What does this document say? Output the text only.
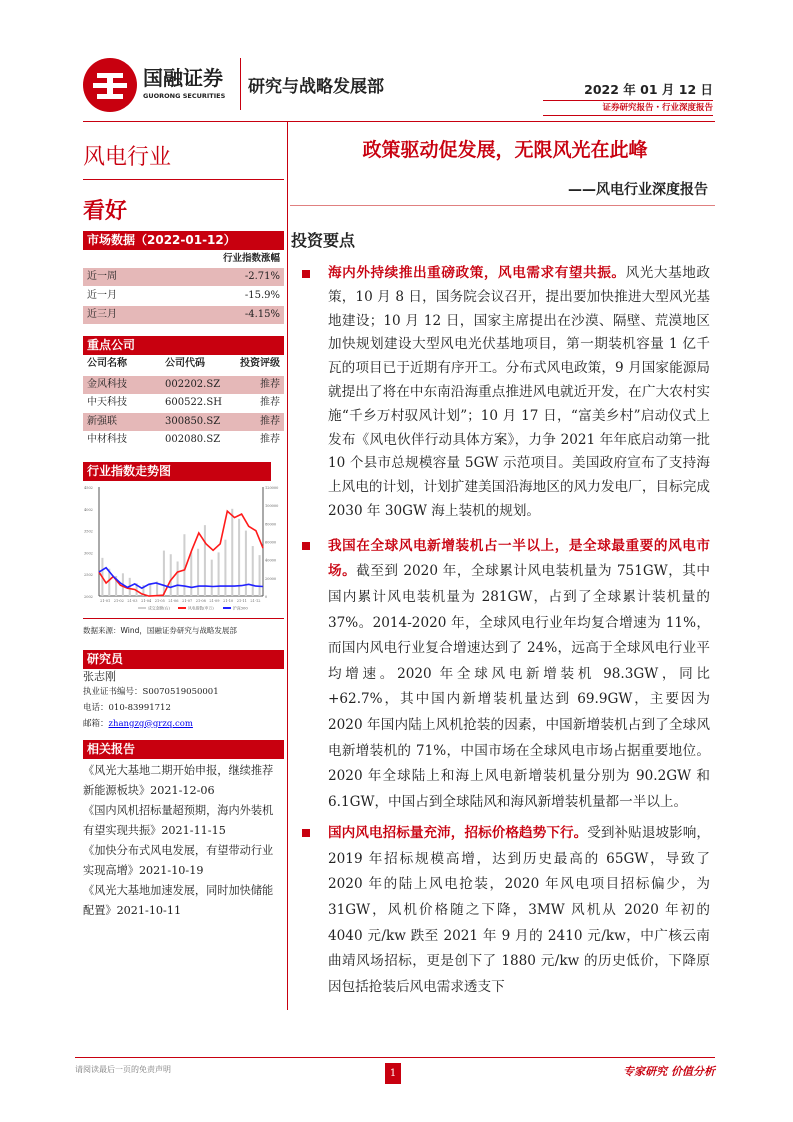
国融证券
GUORONG SECURITIES 研究与战略发展部	2022 年 01 月 12 日
证券研究报告・行业深度报告
风电行业
看好
市场数据（2022-01-12）
行业指数涨幅
近一周	-2.71%
近一月	-15.9%
近三月	-4.15%
重点公司
公司名称	公司代码	投资评级
金风科技	002202.SZ	推荐
中天科技	600522.SH	推荐
新强联	300850.SZ	推荐
中材科技	002080.SZ	推荐
行业指数走势图
2002
2502
3002
3502
4002
4502
0
20000
40000
60000
80000
100000
120000
21-01 21-02 21-03 21-04 21-05 21-06 21-07 21-08 21-09 21-10 21-11 21-12
成交金额(右)	风电指数(申万)	沪深300
数据来源：Wind，国融证券研究与战略发展部
研究员
张志刚
执业证书编号：S0070519050001
电话：010-83991712
邮箱：zhangzg@grzq.com
相关报告
《风光大基地二期开始申报，继续推荐新能源板块》2021-12-06
《国内风机招标量超预期，海内外装机有望实现共振》2021-11-15
《加快分布式风电发展，有望带动行业实现高增》2021-10-19
《风光大基地加速发展，同时加快储能配置》2021-10-11
政策驱动促发展，无限风光在此峰
——风电行业深度报告
投资要点
海内外持续推出重磅政策，风电需求有望共振。风光大基地政策，10 月 8 日，国务院会议召开，提出要加快推进大型风光基地建设；10 月 12 日，国家主席提出在沙漠、隔壁、荒漠地区加快规划建设大型风电光伏基地项目，第一期装机容量 1 亿千瓦的项目已于近期有序开工。分布式风电政策，9 月国家能源局就提出了将在中东南沿海重点推进风电就近开发，在广大农村实施“千乡万村驭风计划”；10 月 17 日，“富美乡村”启动仪式上发布《风电伙伴行动具体方案》，力争 2021 年年底启动第一批 10 个县市总规模容量 5GW 示范项目。美国政府宣布了支持海上风电的计划，计划扩建美国沿海地区的风力发电厂，目标完成 2030 年 30GW 海上装机的规划。
我国在全球风电新增装机占一半以上，是全球最重要的风电市场。截至到 2020 年，全球累计风电装机量为 751GW，其中国内累计风电装机量为 281GW，占到了全球累计装机量的 37%。2014-2020 年，全球风电行业年均复合增速为 11%，而国内风电行业复合增速达到了 24%，远高于全球风电行业平均增速。2020 年全球风电新增装机 98.3GW，同比+62.7%，其中国内新增装机量达到 69.9GW，主要因为 2020 年国内陆上风机抢装的因素，中国新增装机占到了全球风电新增装机的 71%，中国市场在全球风电市场占据重要地位。2020 年全球陆上和海上风电新增装机量分别为 90.2GW 和 6.1GW，中国占到全球陆风和海风新增装机量都一半以上。
国内风电招标量充沛，招标价格趋势下行。受到补贴退坡影响，2019 年招标规模高增，达到历史最高的 65GW，导致了 2020 年的陆上风电抢装，2020 年风电项目招标偏少，为 31GW，风机价格随之下降，3MW 风机从 2020 年初的 4040 元/kw 跌至 2021 年 9 月的 2410 元/kw，中广核云南曲靖风场招标，更是创下了 1880 元/kw 的历史低价，下降原因包括抢装后风电需求透支下
请阅读最后一页的免责声明	1	专家研究 价值分析
